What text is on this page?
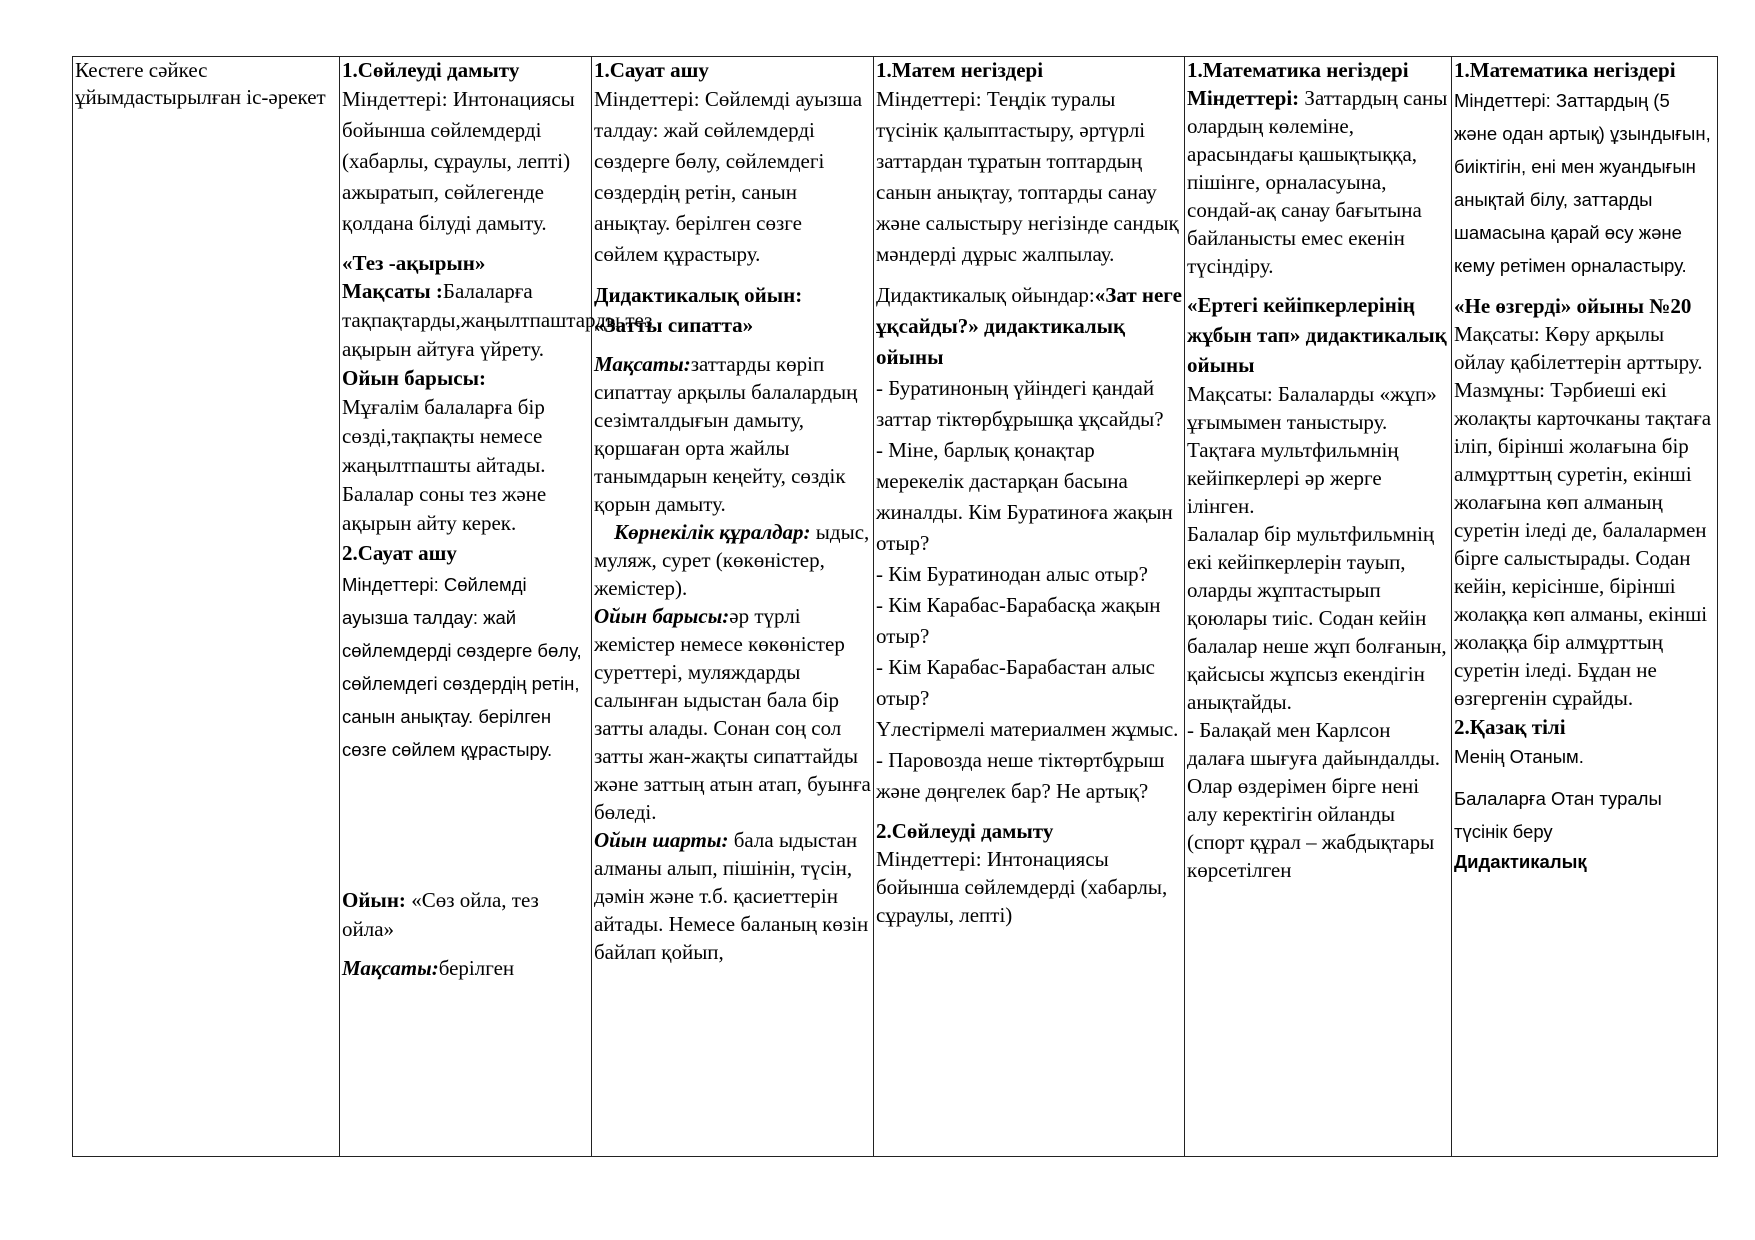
Кестеге сәйкес ұйымдастырылған іс-әрекет

1.Сөйлеуді дамыту
Міндеттері: Интонациясы бойынша сөйлемдерді (хабарлы, сұраулы, лепті) ажыратып, сөйлегенде қолдана білуді дамыту.
«Тез -ақырын»
Мақсаты :Балаларға тақпақтарды,жаңылтпаштарды,тез ақырын айтуға үйрету.
Ойын барысы:
Мұғалім балаларға бір сөзді,тақпақты немесе жаңылтпашты айтады. Балалар соны тез және ақырын айту керек.
2.Сауат ашу
Міндеттері: Сөйлемді ауызша талдау: жай сөйлемдерді сөздерге бөлу, сөйлемдегі сөздердің ретін, санын анықтау. берілген сөзге сөйлем құрастыру.
Ойын: «Сөз ойла, тез ойла»
Мақсаты:берілген

1.Сауат ашу
Міндеттері: Сөйлемді ауызша талдау: жай сөйлемдерді сөздерге бөлу, сөйлемдегі сөздердің ретін, санын анықтау. берілген сөзге сөйлем құрастыру.
Дидактикалық ойын: «Затты сипатта»
Мақсаты:заттарды көріп сипаттау арқылы балалардың сезімталдығын дамыту, қоршаған орта жайлы танымдарын кеңейту, сөздік қорын дамыту.
Көрнекілік құралдар: ыдыс, муляж, сурет (көкөністер, жемістер).
Ойын барысы:әр түрлі жемістер немесе көкөністер суреттері, муляждарды салынған ыдыстан бала бір затты алады. Сонан соң сол затты жан-жақты сипаттайды және заттың атын атап, буынға бөледі.
Ойын шарты: бала ыдыстан алманы алып, пішінін, түсін, дәмін және т.б. қасиеттерін айтады. Немесе баланың көзін байлап қойып,

1.Матем негіздері
Міндеттері: Теңдік туралы түсінік қалыптастыру, әртүрлі заттардан тұратын топтардың санын анықтау, топтарды санау және салыстыру негізінде сандық мәндерді дұрыс жалпылау.
Дидактикалық ойындар:«Зат неге ұқсайды?» дидактикалық ойыны
- Буратиноның үйіндегі қандай заттар тіктөрбұрышқа ұқсайды?
- Міне, барлық қонақтар мерекелік дастарқан басына жиналды. Кім Буратиноға жақын отыр?
- Кім Буратинодан алыс отыр?
- Кім Карабас-Барабасқа жақын отыр?
- Кім Карабас-Барабастан алыс отыр?
Үлестірмелі материалмен жұмыс.
- Паровозда неше тіктөртбұрыш және дөңгелек бар? Не артық?
2.Сөйлеуді дамыту
Міндеттері: Интонациясы бойынша сөйлемдерді (хабарлы, сұраулы, лепті)

1.Математика негіздері
Міндеттері: Заттардың саны олардың көлеміне, арасындағы қашықтыққа, пішінге, орналасуына, сондай-ақ санау бағытына байланысты емес екенін түсіндіру.
«Ертегі кейіпкерлерінің жұбын тап» дидактикалық ойыны
Мақсаты: Балаларды «жұп» ұғымымен таныстыру.
Тақтаға мультфильмнің кейіпкерлері әр жерге ілінген.
Балалар бір мультфильмнің екі кейіпкерлерін тауып, оларды жұптастырып қоюлары тиіс. Содан кейін балалар неше жұп болғанын, қайсысы жұпсыз екендігін анықтайды.
- Балақай мен Карлсон далаға шығуға дайындалды. Олар өздерімен бірге нені алу керектігін ойланды (спорт құрал – жабдықтары көрсетілген

1.Математика негіздері
Міндеттері: Заттардың (5 және одан артық) ұзындығын, биіктігін, ені мен жуандығын анықтай білу, заттарды шамасына қарай өсу және кему ретімен орналастыру.
«Не өзгерді» ойыны №20
Мақсаты: Көру арқылы ойлау қабілеттерін арттыру.
Мазмұны: Тәрбиеші екі жолақты карточканы тақтаға іліп, бірінші жолағына бір алмұрттың суретін, екінші жолағына көп алманың суретін іледі де, балалармен бірге салыстырады. Содан кейін, керісінше, бірінші жолаққа көп алманы, екінші жолаққа бір алмұрттың суретін іледі. Бұдан не өзгергенін сұрайды.
2.Қазақ тілі
Менің Отаным.
Балаларға Отан туралы түсінік беру
Дидактикалық
